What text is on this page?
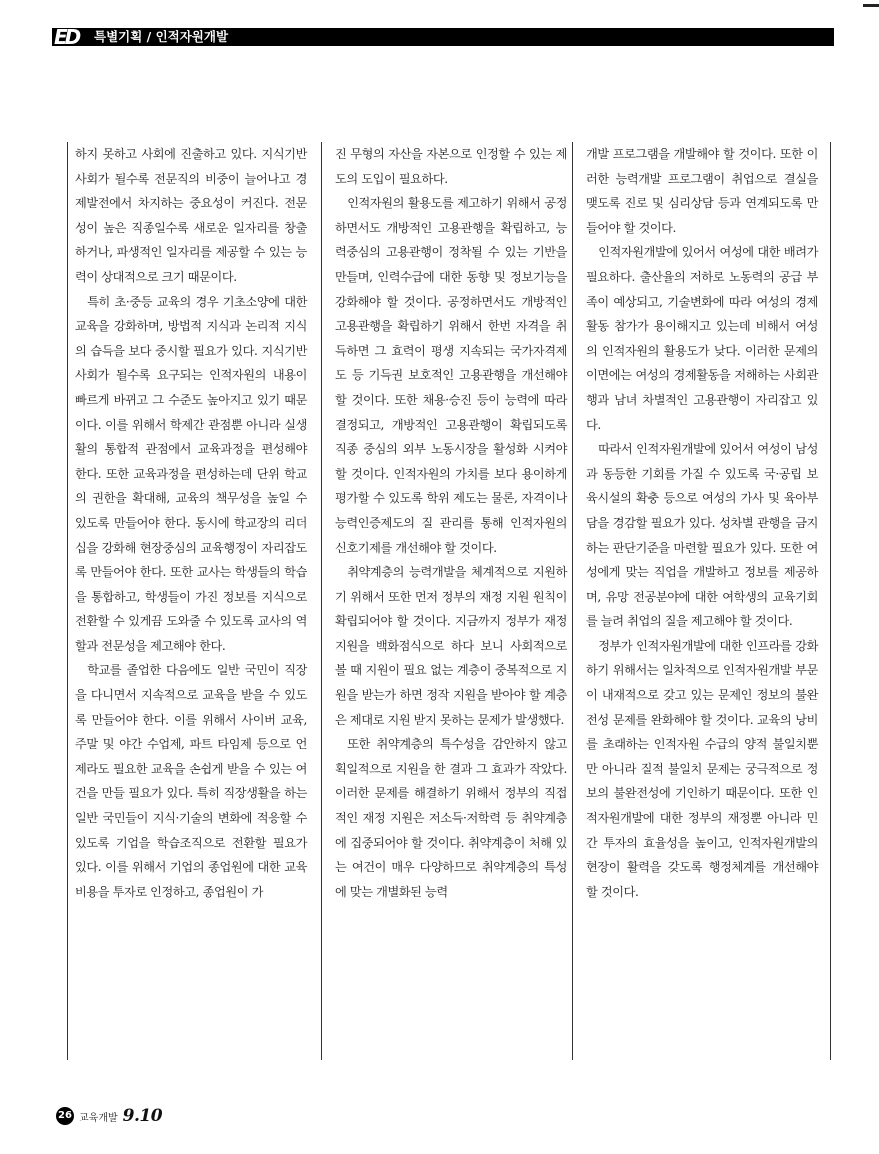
ED	특별기획 / 인적자원개발

하지 못하고 사회에 진출하고 있다. 지식기반사회가 될수록 전문직의 비중이 늘어나고 경제발전에서 차지하는 중요성이 커진다. 전문성이 높은 직종일수록 새로운 일자리를 창출하거나, 파생적인 일자리를 제공할 수 있는 능력이 상대적으로 크기 때문이다.

특히 초·중등 교육의 경우 기초소양에 대한 교육을 강화하며, 방법적 지식과 논리적 지식의 습득을 보다 중시할 필요가 있다. 지식기반사회가 될수록 요구되는 인적자원의 내용이 빠르게 바뀌고 그 수준도 높아지고 있기 때문이다. 이를 위해서 학제간 관점뿐 아니라 실생활의 통합적 관점에서 교육과정을 편성해야 한다. 또한 교육과정을 편성하는데 단위 학교의 권한을 확대해, 교육의 책무성을 높일 수 있도록 만들어야 한다. 동시에 학교장의 리더십을 강화해 현장중심의 교육행정이 자리잡도록 만들어야 한다. 또한 교사는 학생들의 학습을 통합하고, 학생들이 가진 정보를 지식으로 전환할 수 있게끔 도와줄 수 있도록 교사의 역할과 전문성을 제고해야 한다.

학교를 졸업한 다음에도 일반 국민이 직장을 다니면서 지속적으로 교육을 받을 수 있도록 만들어야 한다. 이를 위해서 사이버 교육, 주말 및 야간 수업제, 파트 타임제 등으로 언제라도 필요한 교육을 손쉽게 받을 수 있는 여건을 만들 필요가 있다. 특히 직장생활을 하는 일반 국민들이 지식·기술의 변화에 적응할 수 있도록 기업을 학습조직으로 전환할 필요가 있다. 이를 위해서 기업의 종업원에 대한 교육비용을 투자로 인정하고, 종업원이 가

진 무형의 자산을 자본으로 인정할 수 있는 제도의 도입이 필요하다.

인적자원의 활용도를 제고하기 위해서 공정하면서도 개방적인 고용관행을 확립하고, 능력중심의 고용관행이 정착될 수 있는 기반을 만들며, 인력수급에 대한 동향 및 정보기능을 강화해야 할 것이다. 공정하면서도 개방적인 고용관행을 확립하기 위해서 한번 자격을 취득하면 그 효력이 평생 지속되는 국가자격제도 등 기득권 보호적인 고용관행을 개선해야 할 것이다. 또한 채용·승진 등이 능력에 따라 결정되고, 개방적인 고용관행이 확립되도록 직종 중심의 외부 노동시장을 활성화 시켜야 할 것이다. 인적자원의 가치를 보다 용이하게 평가할 수 있도록 학위 제도는 물론, 자격이나 능력인증제도의 질 관리를 통해 인적자원의 신호기제를 개선해야 할 것이다.

취약계층의 능력개발을 체계적으로 지원하기 위해서 또한 먼저 정부의 재정 지원 원칙이 확립되어야 할 것이다. 지금까지 정부가 재정 지원을 백화점식으로 하다 보니 사회적으로 볼 때 지원이 필요 없는 계층이 중복적으로 지원을 받는가 하면 정작 지원을 받아야 할 계층은 제대로 지원 받지 못하는 문제가 발생했다.

또한 취약계층의 특수성을 감안하지 않고 획일적으로 지원을 한 결과 그 효과가 작았다. 이러한 문제를 해결하기 위해서 정부의 직접적인 재정 지원은 저소득·저학력 등 취약계층에 집중되어야 할 것이다. 취약계층이 처해 있는 여건이 매우 다양하므로 취약계층의 특성에 맞는 개별화된 능력

개발 프로그램을 개발해야 할 것이다. 또한 이러한 능력개발 프로그램이 취업으로 결실을 맺도록 진로 및 심리상담 등과 연계되도록 만들어야 할 것이다.

인적자원개발에 있어서 여성에 대한 배려가 필요하다. 출산율의 저하로 노동력의 공급 부족이 예상되고, 기술변화에 따라 여성의 경제활동 참가가 용이해지고 있는데 비해서 여성의 인적자원의 활용도가 낮다. 이러한 문제의 이면에는 여성의 경제활동을 저해하는 사회관행과 남녀 차별적인 고용관행이 자리잡고 있다.

따라서 인적자원개발에 있어서 여성이 남성과 동등한 기회를 가질 수 있도록 국·공립 보육시설의 확충 등으로 여성의 가사 및 육아부담을 경감할 필요가 있다. 성차별 관행을 금지하는 판단기준을 마련할 필요가 있다. 또한 여성에게 맞는 직업을 개발하고 정보를 제공하며, 유망 전공분야에 대한 여학생의 교육기회를 늘려 취업의 질을 제고해야 할 것이다.

정부가 인적자원개발에 대한 인프라를 강화하기 위해서는 일차적으로 인적자원개발 부문이 내재적으로 갖고 있는 문제인 정보의 불완전성 문제를 완화해야 할 것이다. 교육의 낭비를 초래하는 인적자원 수급의 양적 불일치뿐만 아니라 질적 불일치 문제는 궁극적으로 정보의 불완전성에 기인하기 때문이다. 또한 인적자원개발에 대한 정부의 재정뿐 아니라 민간 투자의 효율성을 높이고, 인적자원개발의 현장이 활력을 갖도록 행정체계를 개선해야 할 것이다.

26 교육개발 9.10
